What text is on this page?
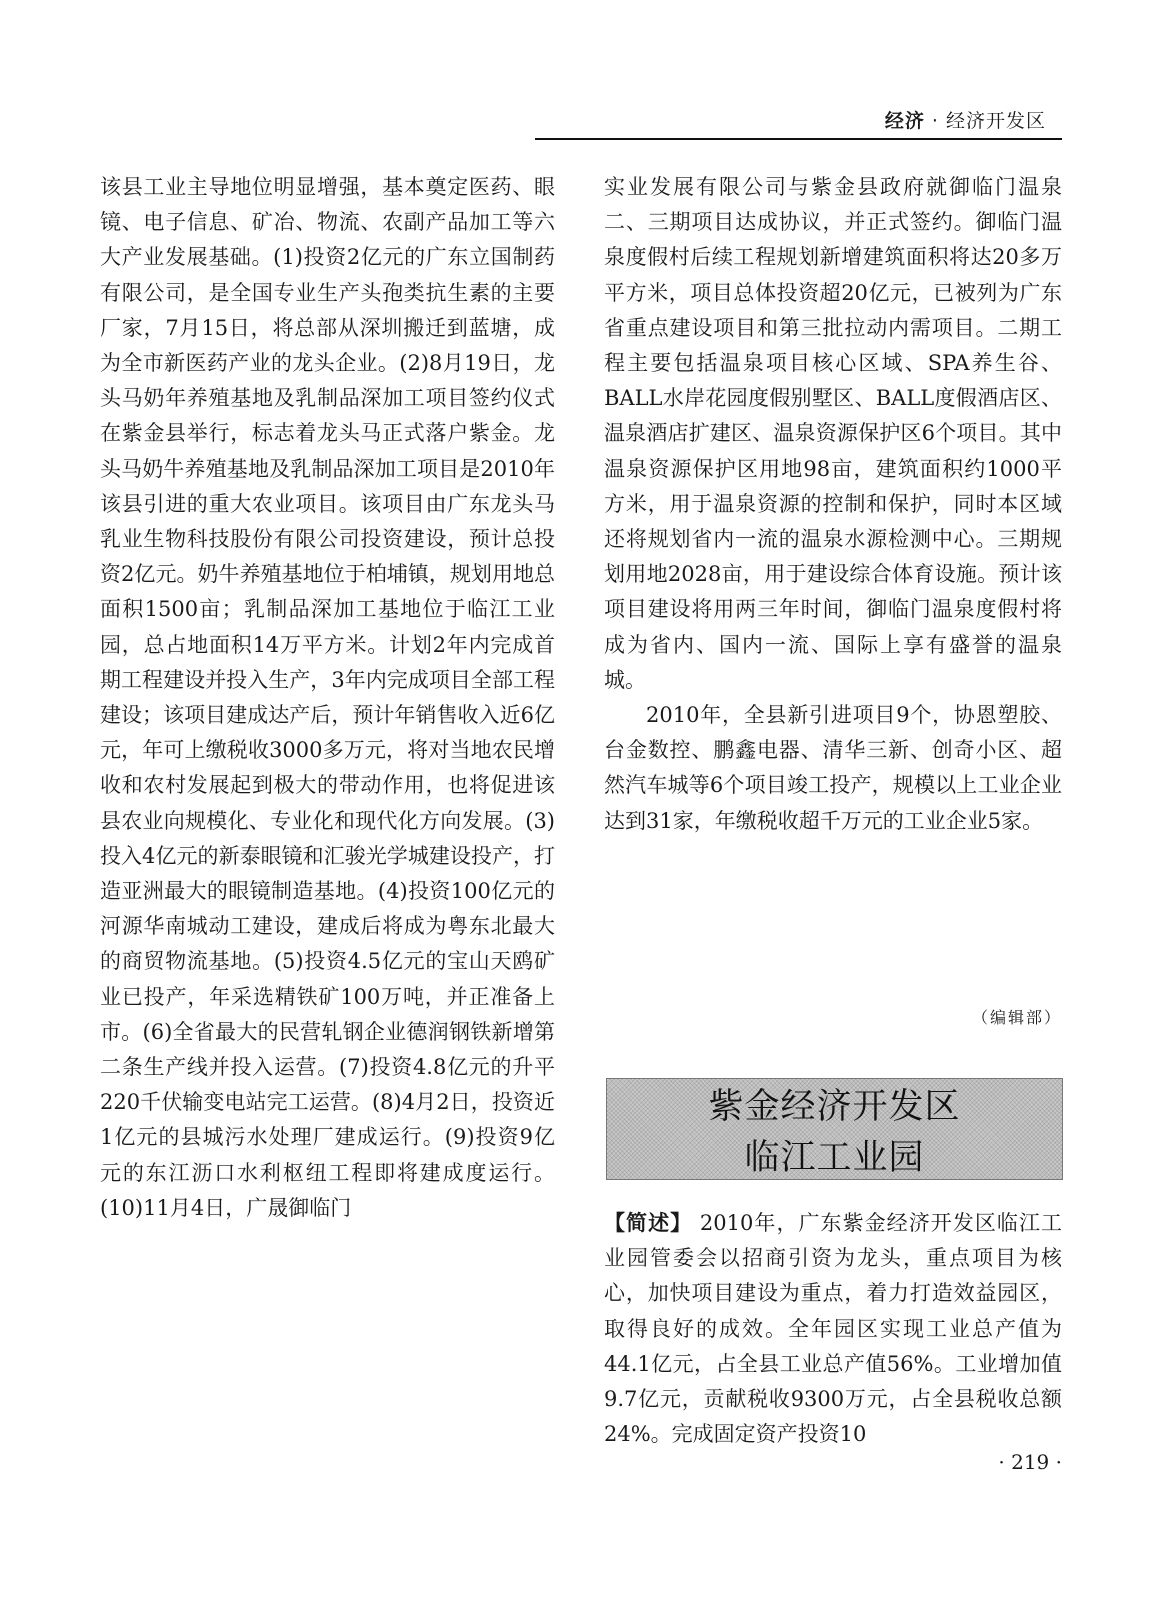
经济 · 经济开发区

该县工业主导地位明显增强，基本奠定医药、眼镜、电子信息、矿冶、物流、农副产品加工等六大产业发展基础。(1)投资2亿元的广东立国制药有限公司，是全国专业生产头孢类抗生素的主要厂家，7月15日，将总部从深圳搬迁到蓝塘，成为全市新医药产业的龙头企业。(2)8月19日，龙头马奶年养殖基地及乳制品深加工项目签约仪式在紫金县举行，标志着龙头马正式落户紫金。龙头马奶牛养殖基地及乳制品深加工项目是2010年该县引进的重大农业项目。该项目由广东龙头马乳业生物科技股份有限公司投资建设，预计总投资2亿元。奶牛养殖基地位于柏埔镇，规划用地总面积1500亩；乳制品深加工基地位于临江工业园，总占地面积14万平方米。计划2年内完成首期工程建设并投入生产，3年内完成项目全部工程建设；该项目建成达产后，预计年销售收入近6亿元，年可上缴税收3000多万元，将对当地农民增收和农村发展起到极大的带动作用，也将促进该县农业向规模化、专业化和现代化方向发展。(3)投入4亿元的新泰眼镜和汇骏光学城建设投产，打造亚洲最大的眼镜制造基地。(4)投资100亿元的河源华南城动工建设，建成后将成为粤东北最大的商贸物流基地。(5)投资4.5亿元的宝山天鸥矿业已投产，年采选精铁矿100万吨，并正准备上市。(6)全省最大的民营轧钢企业德润钢铁新增第二条生产线并投入运营。(7)投资4.8亿元的升平220千伏输变电站完工运营。(8)4月2日，投资近1亿元的县城污水处理厂建成运行。(9)投资9亿元的东江沥口水利枢纽工程即将建成度运行。(10)11月4日，广晟御临门

实业发展有限公司与紫金县政府就御临门温泉二、三期项目达成协议，并正式签约。御临门温泉度假村后续工程规划新增建筑面积将达20多万平方米，项目总体投资超20亿元，已被列为广东省重点建设项目和第三批拉动内需项目。二期工程主要包括温泉项目核心区域、SPA养生谷、BALL水岸花园度假别墅区、BALL度假酒店区、温泉酒店扩建区、温泉资源保护区6个项目。其中温泉资源保护区用地98亩，建筑面积约1000平方米，用于温泉资源的控制和保护，同时本区域还将规划省内一流的温泉水源检测中心。三期规划用地2028亩，用于建设综合体育设施。预计该项目建设将用两三年时间，御临门温泉度假村将成为省内、国内一流、国际上享有盛誉的温泉城。

2010年，全县新引进项目9个，协恩塑胶、台金数控、鹏鑫电器、清华三新、创奇小区、超然汽车城等6个项目竣工投产，规模以上工业企业达到31家，年缴税收超千万元的工业企业5家。

（编辑部）
紫金经济开发区
临江工业园

【简述】 2010年，广东紫金经济开发区临江工业园管委会以招商引资为龙头，重点项目为核心，加快项目建设为重点，着力打造效益园区，取得良好的成效。全年园区实现工业总产值为44.1亿元，占全县工业总产值56%。工业增加值9.7亿元，贡献税收9300万元，占全县税收总额24%。完成固定资产投资10

· 219 ·
